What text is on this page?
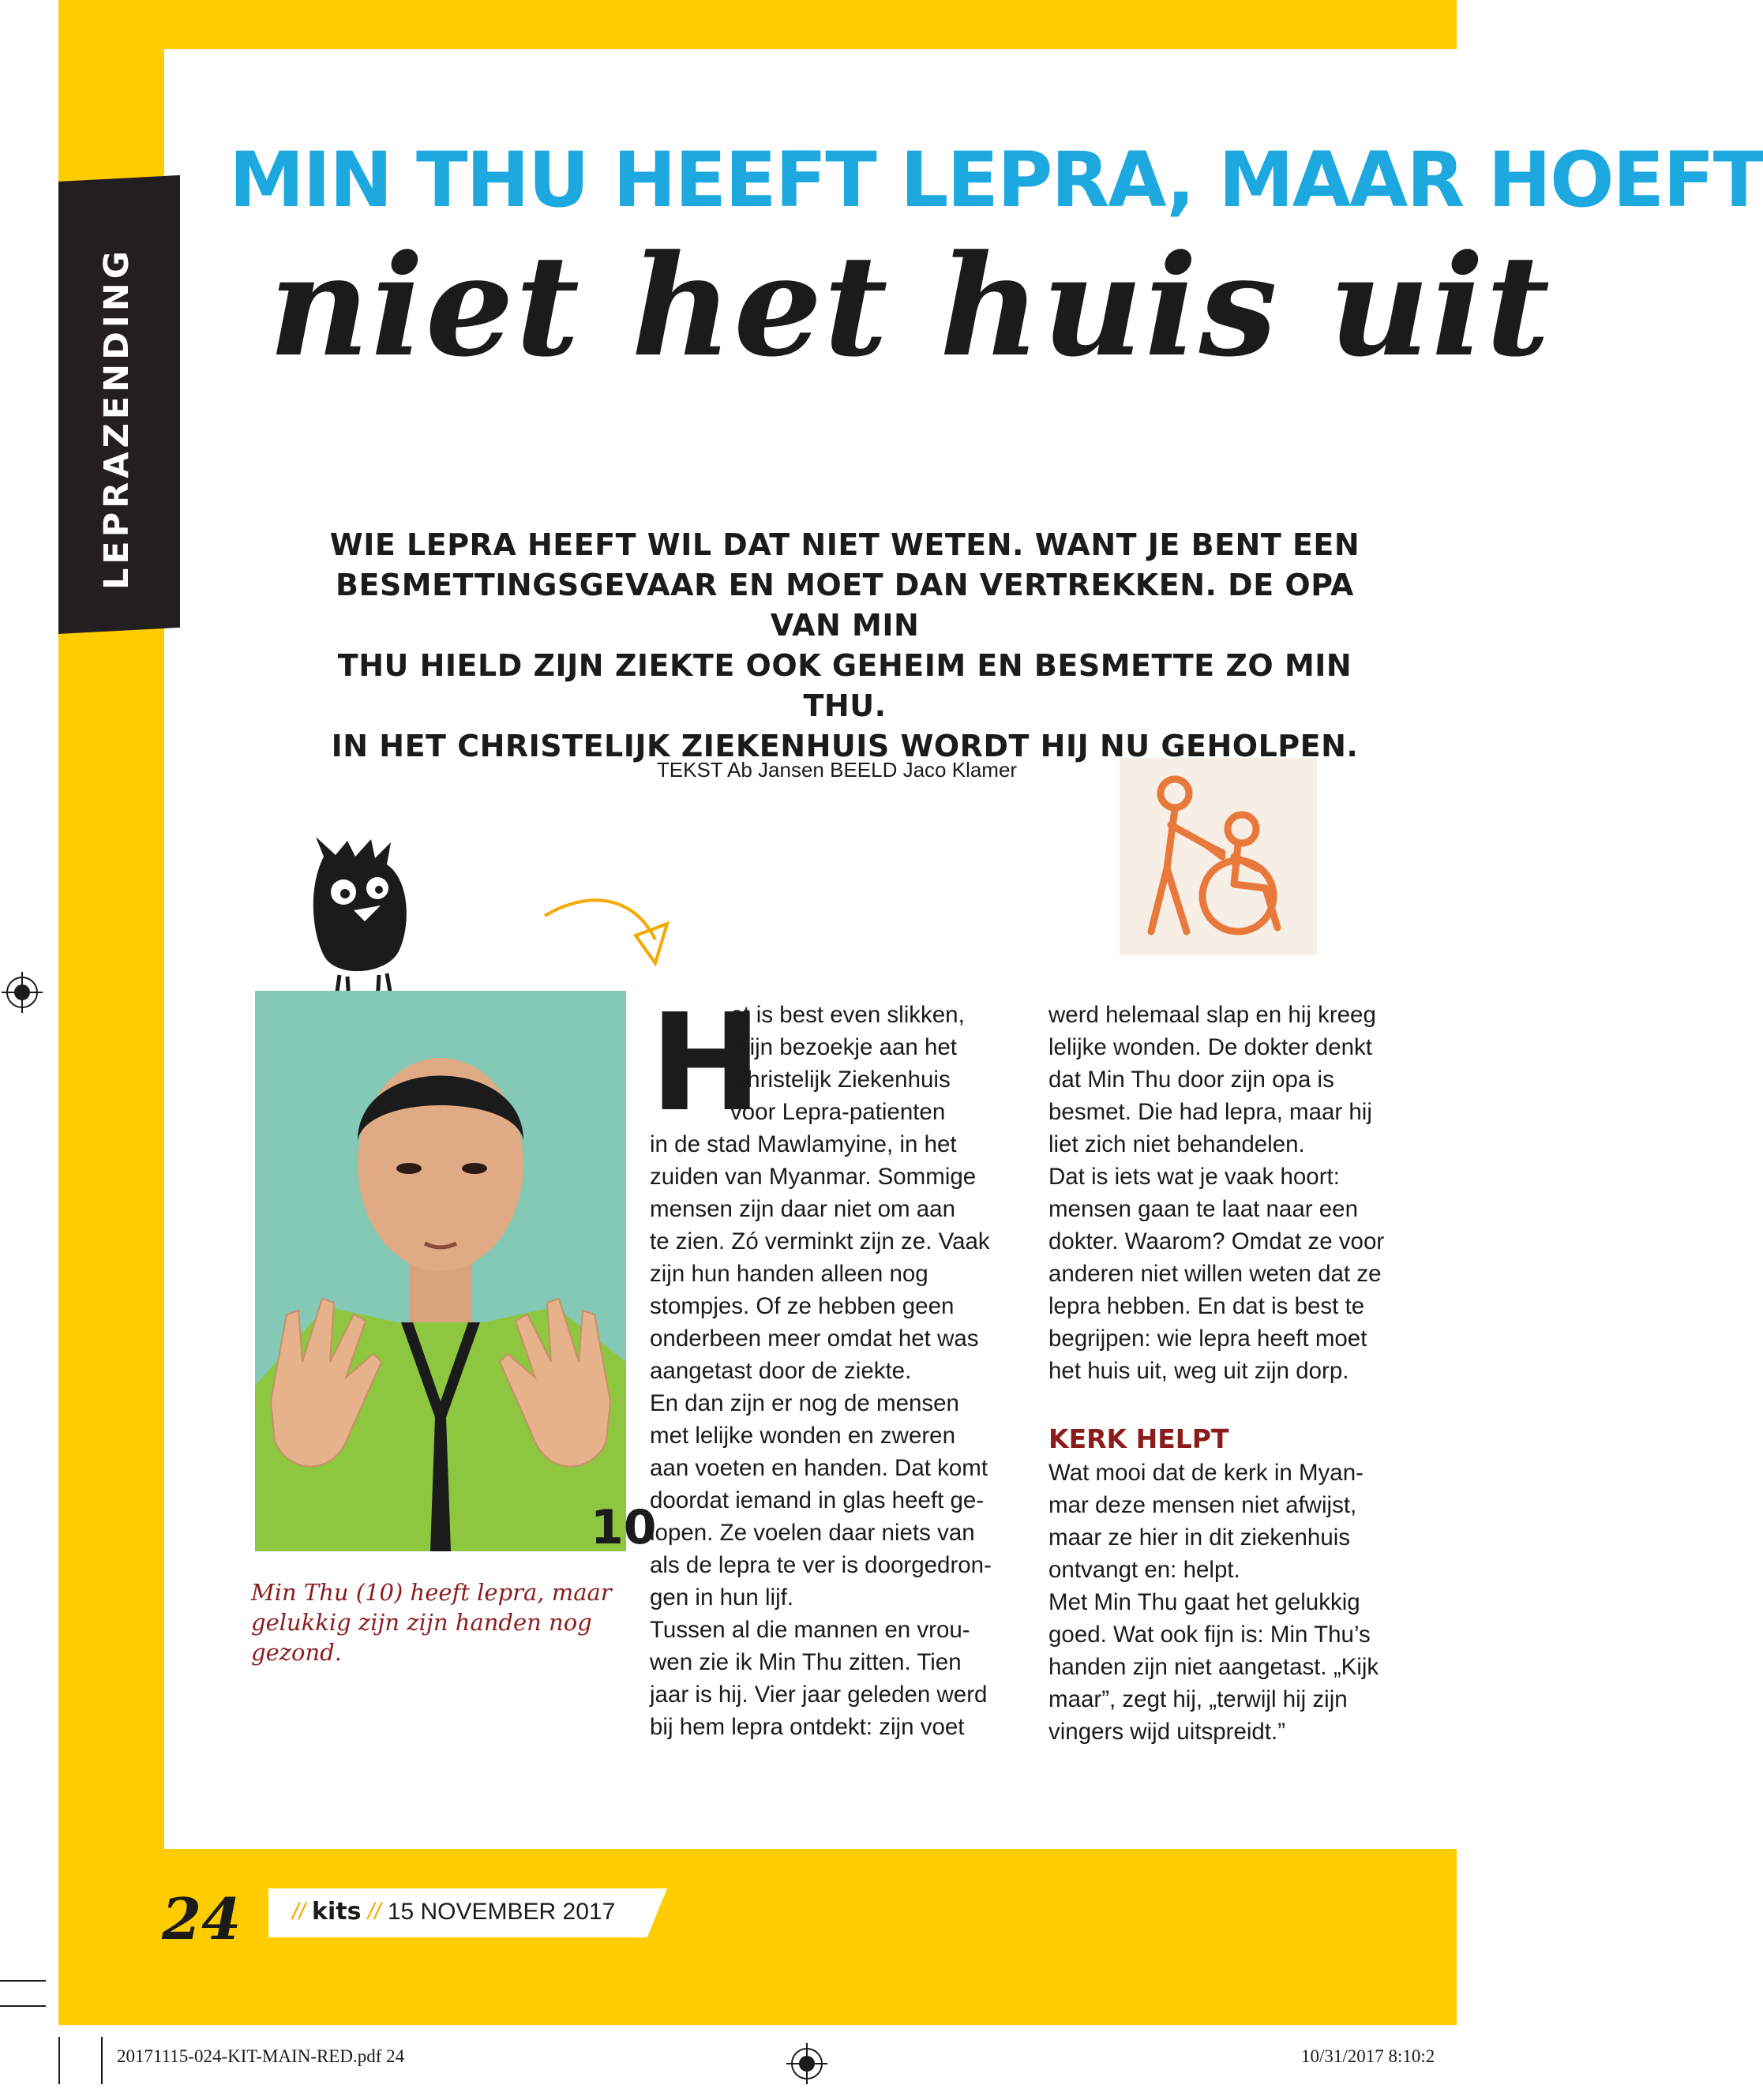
LEPRAZENDING
MIN THU HEEFT LEPRA, MAAR HOEFT
niet het huis uit
WIE LEPRA HEEFT WIL DAT NIET WETEN. WANT JE BENT EEN
BESMETTINGSGEVAAR EN MOET DAN VERTREKKEN. DE OPA VAN MIN
THU HIELD ZIJN ZIEKTE OOK GEHEIM EN BESMETTE ZO MIN THU.
IN HET CHRISTELIJK ZIEKENHUIS WORDT HIJ NU GEHOLPEN.
TEKST Ab Jansen BEELD Jaco Klamer
10
Min Thu (10) heeft lepra, maar
gelukkig zijn zijn handen nog
gezond.
H

et is best even slikken,

mijn bezoekje aan het

Christelijk Ziekenhuis

voor Lepra-patienten

in de stad Mawlamyine, in het

zuiden van Myanmar. Sommige

mensen zijn daar niet om aan

te zien. Zó verminkt zijn ze. Vaak

zijn hun handen alleen nog

stompjes. Of ze hebben geen

onderbeen meer omdat het was

aangetast door de ziekte.

En dan zijn er nog de mensen

met lelijke wonden en zweren

aan voeten en handen. Dat komt

doordat iemand in glas heeft ge-

lopen. Ze voelen daar niets van

als de lepra te ver is doorgedron-

gen in hun lijf.

Tussen al die mannen en vrou-

wen zie ik Min Thu zitten. Tien

jaar is hij. Vier jaar geleden werd

bij hem lepra ontdekt: zijn voet

werd helemaal slap en hij kreeg

lelijke wonden. De dokter denkt

dat Min Thu door zijn opa is

besmet. Die had lepra, maar hij

liet zich niet behandelen.

Dat is iets wat je vaak hoort:

mensen gaan te laat naar een

dokter. Waarom? Omdat ze voor

anderen niet willen weten dat ze

lepra hebben. En dat is best te

begrijpen: wie lepra heeft moet

het huis uit, weg uit zijn dorp.

KERK HELPT

Wat mooi dat de kerk in Myan-

mar deze mensen niet afwijst,

maar ze hier in dit ziekenhuis

ontvangt en: helpt.

Met Min Thu gaat het gelukkig

goed. Wat ook fijn is: Min Thu’s

handen zijn niet aangetast. „Kijk

maar”, zegt hij, „terwijl hij zijn

vingers wijd uitspreidt.”

24	// kits // 15 NOVEMBER 2017
20171115-024-KIT-MAIN-RED.pdf 24	10/31/2017 8:10:2
